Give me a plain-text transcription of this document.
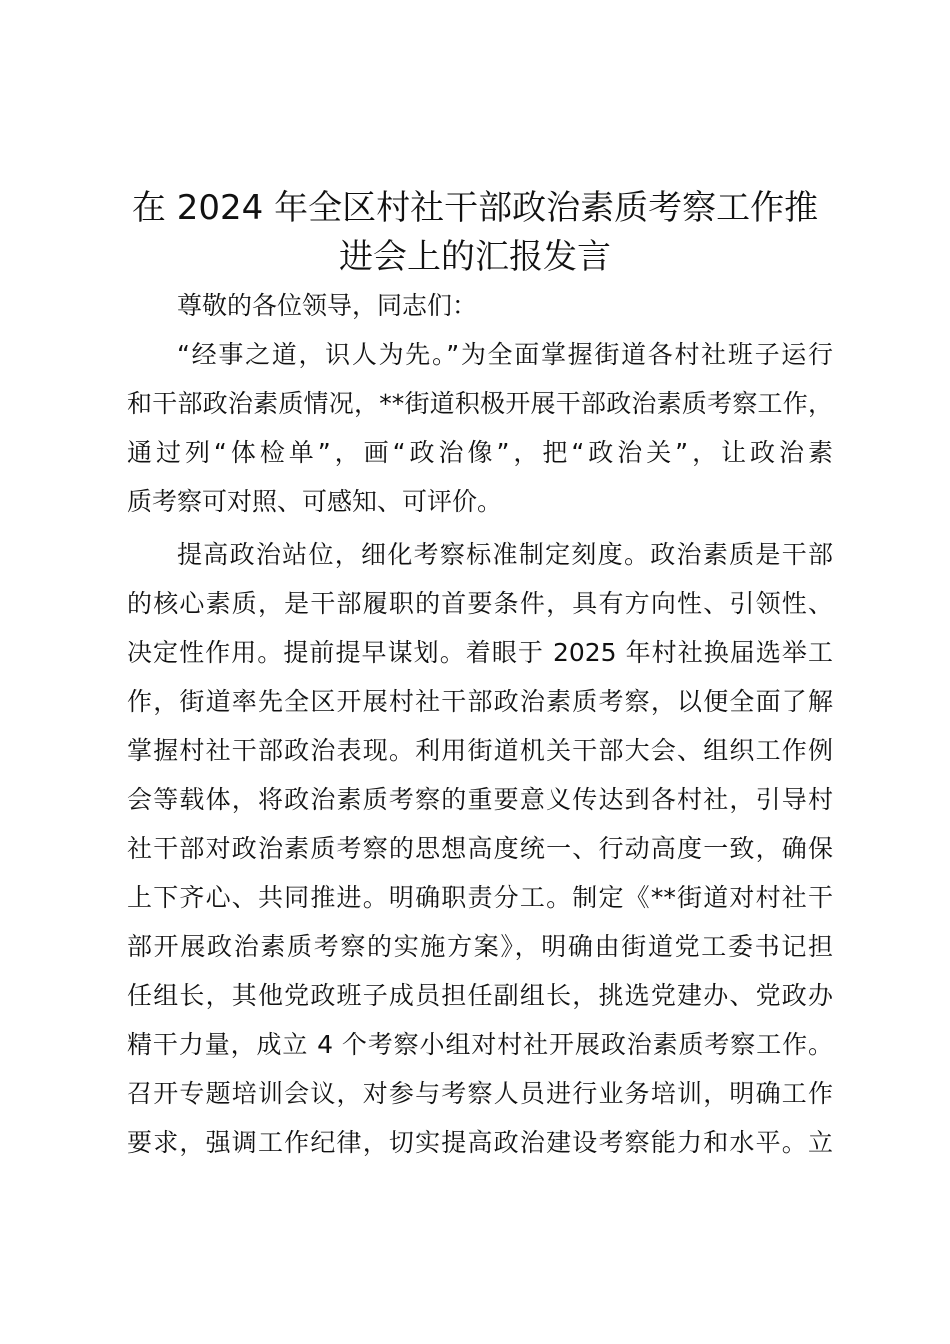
在 2024 年全区村社干部政治素质考察工作推
进会上的汇报发言
尊敬的各位领导，同志们：
“经事之道，识人为先。”为全面掌握街道各村社班子运行
和干部政治素质情况，**街道积极开展干部政治素质考察工作，
通过列“体检单”，画“政治像”，把“政治关”，让政治素
质考察可对照、可感知、可评价。
提高政治站位，细化考察标准制定刻度。政治素质是干部
的核心素质，是干部履职的首要条件，具有方向性、引领性、
决定性作用。提前提早谋划。着眼于 2025 年村社换届选举工
作，街道率先全区开展村社干部政治素质考察，以便全面了解
掌握村社干部政治表现。利用街道机关干部大会、组织工作例
会等载体，将政治素质考察的重要意义传达到各村社，引导村
社干部对政治素质考察的思想高度统一、行动高度一致，确保
上下齐心、共同推进。明确职责分工。制定《**街道对村社干
部开展政治素质考察的实施方案》，明确由街道党工委书记担
任组长，其他党政班子成员担任副组长，挑选党建办、党政办
精干力量，成立 4 个考察小组对村社开展政治素质考察工作。
召开专题培训会议，对参与考察人员进行业务培训，明确工作
要求，强调工作纪律，切实提高政治建设考察能力和水平。立
